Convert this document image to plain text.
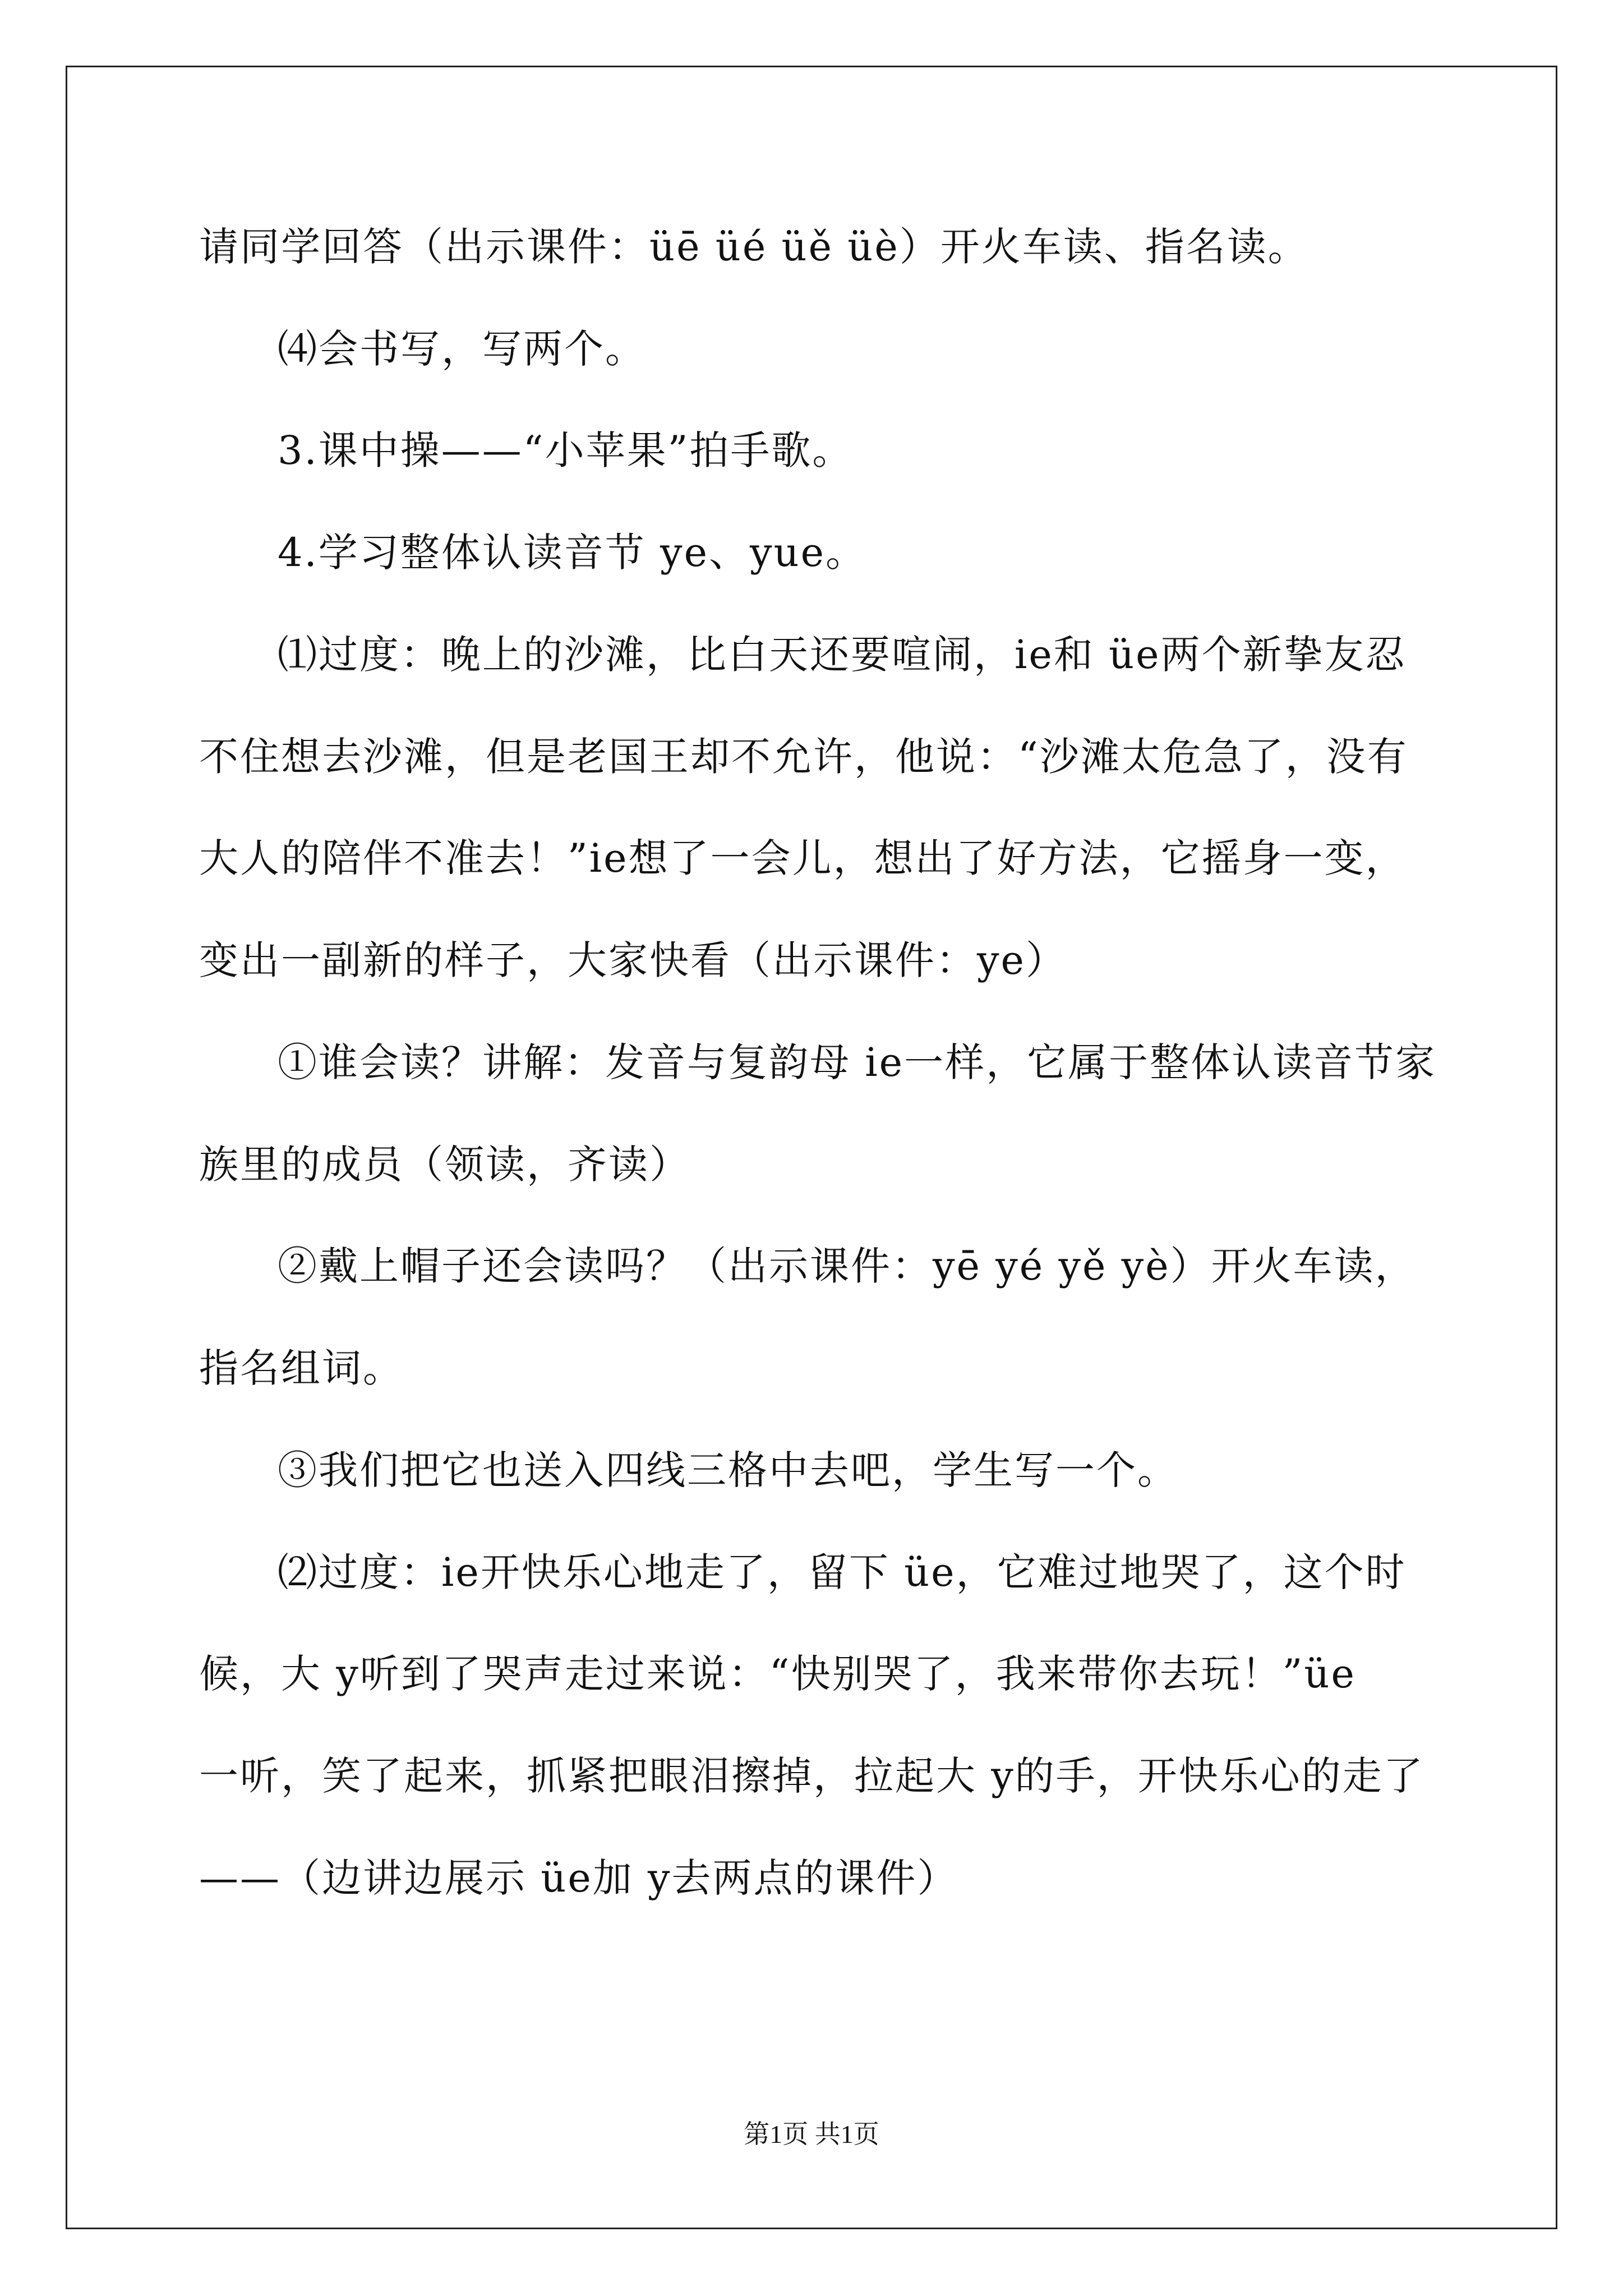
请同学回答（出示课件：üē üé üě üè）开火车读、指名读。
⑷会书写，写两个。
3.课中操——“小苹果”拍手歌。
4.学习整体认读音节 ye、yue。
⑴过度：晚上的沙滩，比白天还要喧闹，ie和 üe两个新挚友忍
不住想去沙滩，但是老国王却不允许，他说：“沙滩太危急了，没有
大人的陪伴不准去！”ie想了一会儿，想出了好方法，它摇身一变，
变出一副新的样子，大家快看（出示课件：ye）
①谁会读？讲解：发音与复韵母 ie一样，它属于整体认读音节家
族里的成员（领读，齐读）
②戴上帽子还会读吗？（出示课件：yē yé yě yè）开火车读，
指名组词。
③我们把它也送入四线三格中去吧，学生写一个。
⑵过度：ie开快乐心地走了，留下 üe，它难过地哭了，这个时
候，大 y听到了哭声走过来说：“快别哭了，我来带你去玩！”üe
一听，笑了起来，抓紧把眼泪擦掉，拉起大 y的手，开快乐心的走了
——（边讲边展示 üe加 y去两点的课件）
第1页 共1页
